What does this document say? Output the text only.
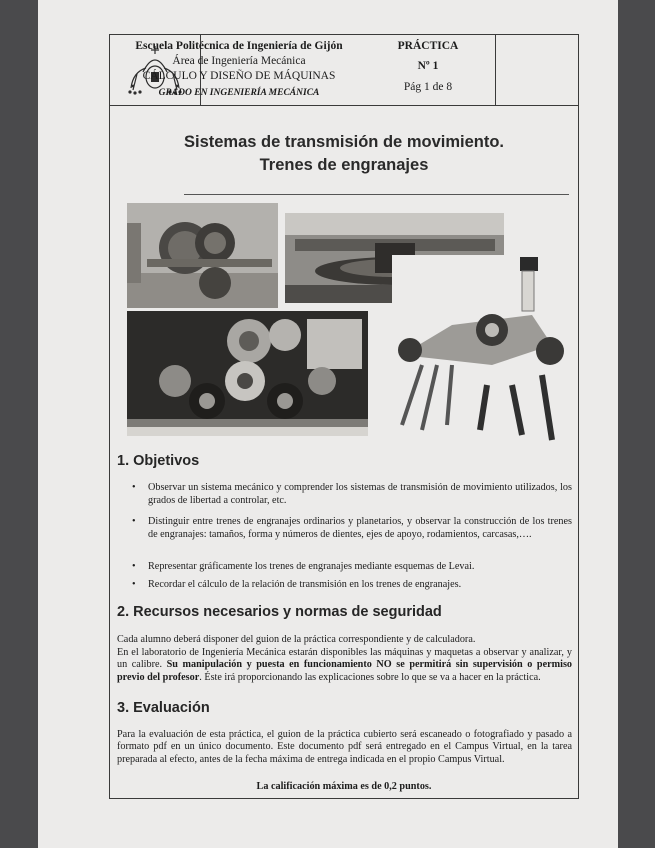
Escuela Politécnica de Ingeniería de Gijón
Área de Ingeniería Mecánica
CÁLCULO Y DISEÑO DE MÁQUINAS
GRADO EN INGENIERÍA MECÁNICA
PRÁCTICA
Nº 1
Pág 1 de 8
Sistemas de transmisión de movimiento.
Trenes de engranajes
1. Objetivos
• Observar un sistema mecánico y comprender los sistemas de transmisión de movimiento utilizados, los grados de libertad a controlar, etc.
• Distinguir entre trenes de engranajes ordinarios y planetarios, y observar la construcción de los trenes de engranajes: tamaños, forma y números de dientes, ejes de apoyo, rodamientos, carcasas,….
• Representar gráficamente los trenes de engranajes mediante esquemas de Levai.
• Recordar el cálculo de la relación de transmisión en los trenes de engranajes.
2. Recursos necesarios y normas de seguridad
Cada alumno deberá disponer del guion de la práctica correspondiente y de calculadora.
En el laboratorio de Ingeniería Mecánica estarán disponibles las máquinas y maquetas a observar y analizar, y un calibre. Su manipulación y puesta en funcionamiento NO se permitirá sin supervisión o permiso previo del profesor. Éste irá proporcionando las explicaciones sobre lo que se va a hacer en la práctica.
3. Evaluación
Para la evaluación de esta práctica, el guion de la práctica cubierto será escaneado o fotografiado y pasado a formato pdf en un único documento. Este documento pdf será entregado en el Campus Virtual, en la tarea preparada al efecto, antes de la fecha máxima de entrega indicada en el propio Campus Virtual.
La calificación máxima es de 0,2 puntos.
